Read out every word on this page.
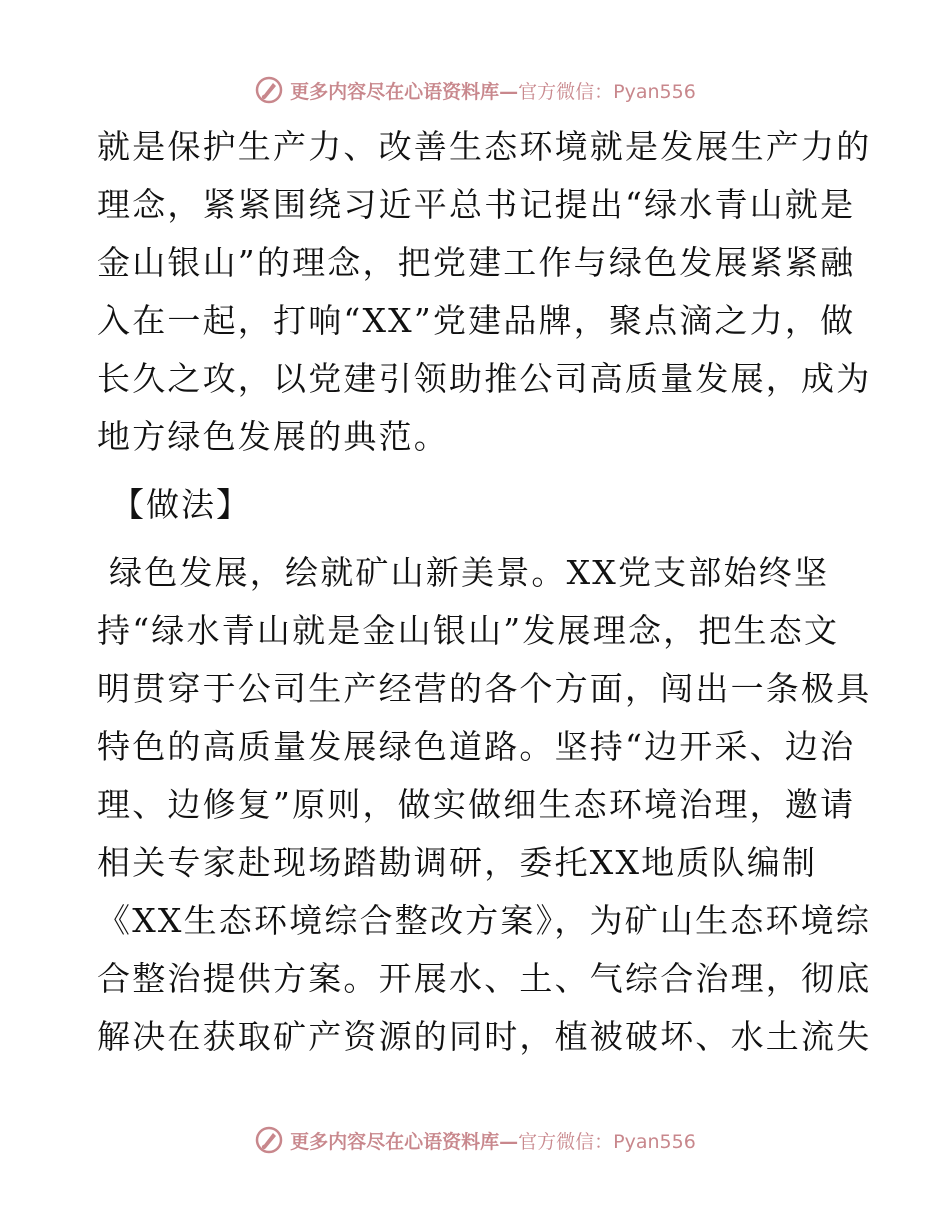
更多内容尽在心语资料库—官方微信：Pyan556
就是保护生产力、改善生态环境就是发展生产力的
理念，紧紧围绕习近平总书记提出“绿水青山就是
金山银山”的理念，把党建工作与绿色发展紧紧融
入在一起，打响“XX”党建品牌，聚点滴之力，做
长久之攻，以党建引领助推公司高质量发展，成为
地方绿色发展的典范。
【做法】
绿色发展，绘就矿山新美景。XX党支部始终坚
持“绿水青山就是金山银山”发展理念，把生态文
明贯穿于公司生产经营的各个方面，闯出一条极具
特色的高质量发展绿色道路。坚持“边开采、边治
理、边修复”原则，做实做细生态环境治理，邀请
相关专家赴现场踏勘调研，委托XX地质队编制
《XX生态环境综合整改方案》，为矿山生态环境综
合整治提供方案。开展水、土、气综合治理，彻底
解决在获取矿产资源的同时，植被破坏、水土流失
更多内容尽在心语资料库—官方微信：Pyan556
